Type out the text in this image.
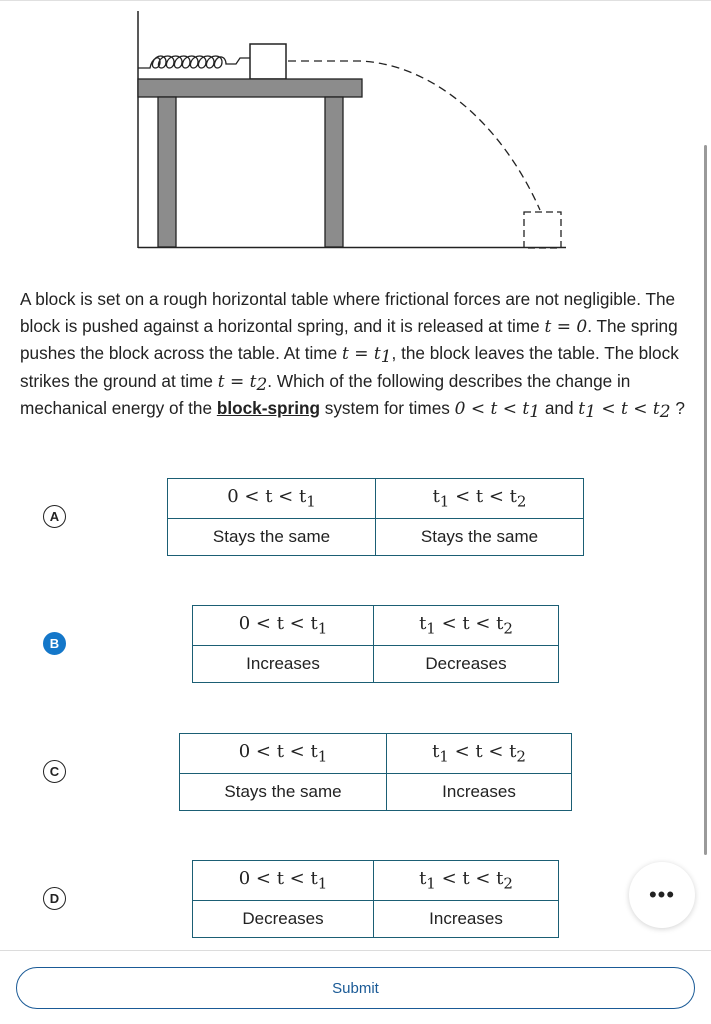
A block is set on a rough horizontal table where frictional forces are not negligible. The block is pushed against a horizontal spring, and it is released at time t = 0. The spring pushes the block across the table. At time $t = t_1$, the block leaves the table. The block strikes the ground at time $t = t_2$. Which of the following describes the change in mechanical energy of the block-spring system for times $0 < t < t_1$ and $t_1 < t < t_2$ ?
A
$0 < t < t_1$	$t_1 < t < t_2$
Stays the same	Stays the same
B
$0 < t < t_1$	$t_1 < t < t_2$
Increases	Decreases
C
$0 < t < t_1$	$t_1 < t < t_2$
Stays the same	Increases
D
$0 < t < t_1$	$t_1 < t < t_2$
Decreases	Increases
•••
Submit
